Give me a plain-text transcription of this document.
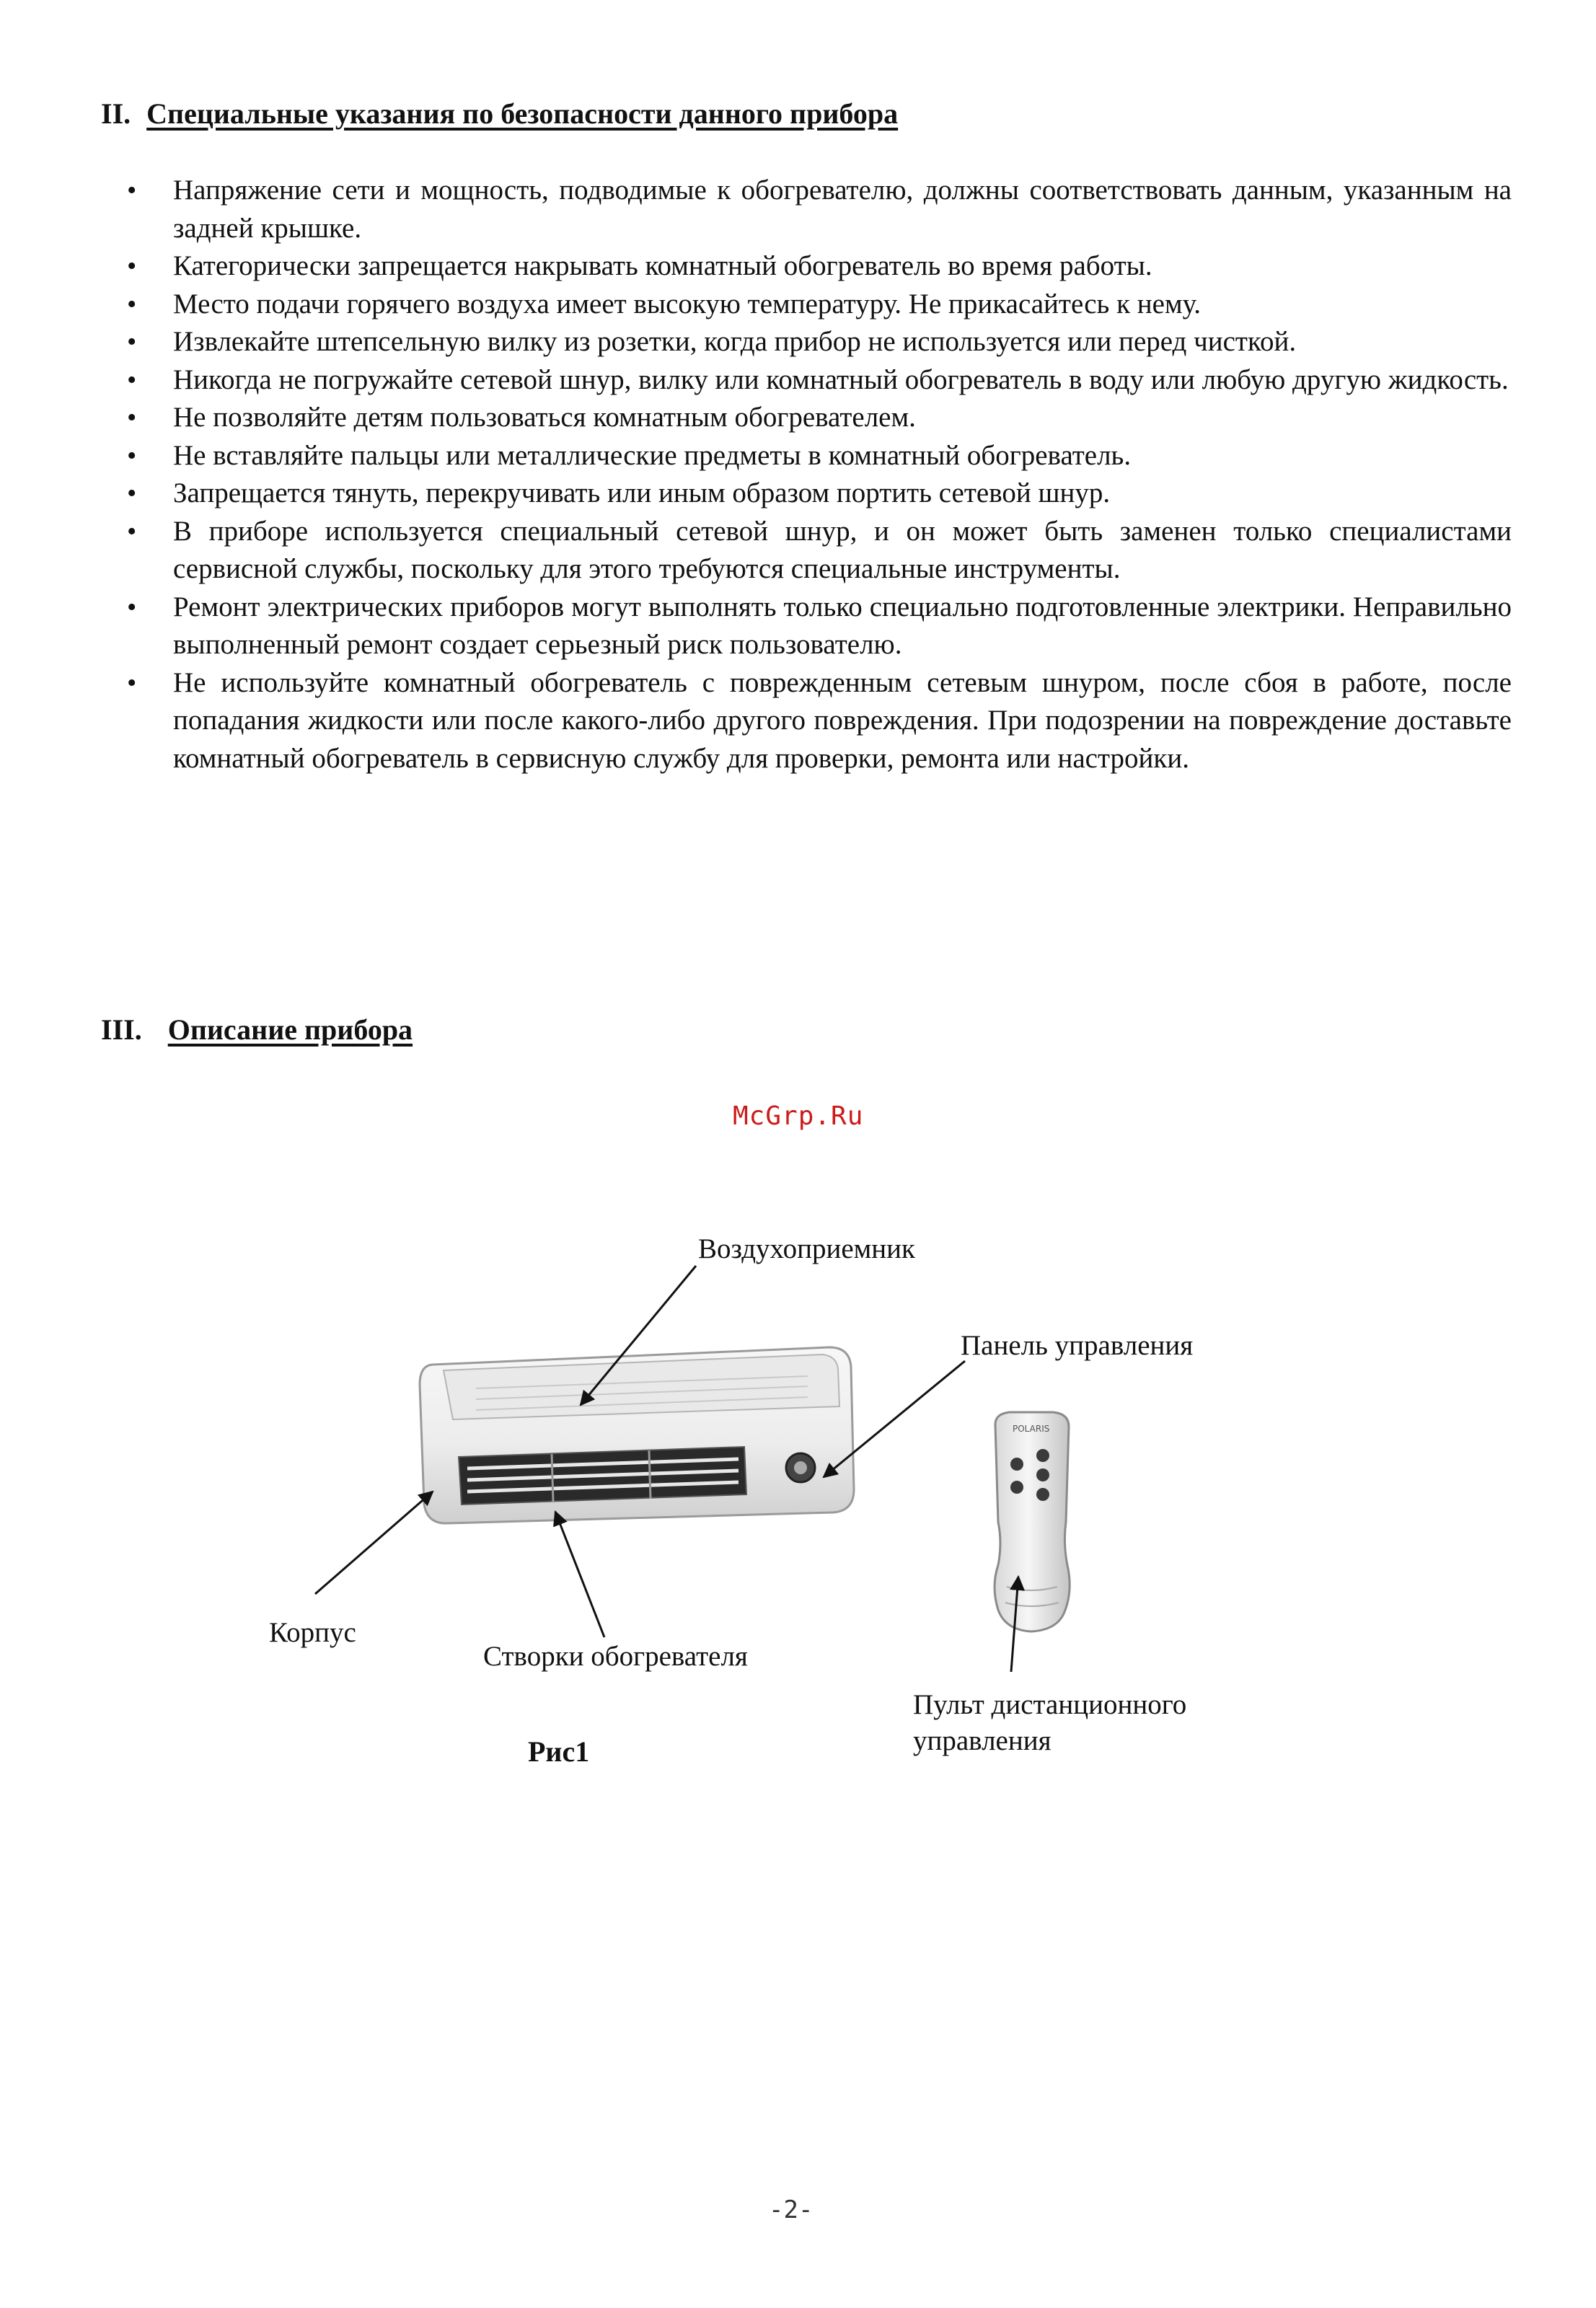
II. Специальные указания по безопасности данного прибора
• Напряжение сети и мощность, подводимые к обогревателю, должны соответствовать данным, указанным на задней крышке.
• Категорически запрещается накрывать комнатный обогреватель во время работы.
• Место подачи горячего воздуха имеет высокую температуру. Не прикасайтесь к нему.
• Извлекайте штепсельную вилку из розетки, когда прибор не используется или перед чисткой.
• Никогда не погружайте сетевой шнур, вилку или комнатный обогреватель в воду или любую другую жидкость.
• Не позволяйте детям пользоваться комнатным обогревателем.
• Не вставляйте пальцы или металлические предметы в комнатный обогреватель.
• Запрещается тянуть, перекручивать или иным образом портить сетевой шнур.
• В приборе используется специальный сетевой шнур, и он может быть заменен только специалистами сервисной службы, поскольку для этого требуются специальные инструменты.
• Ремонт электрических приборов могут выполнять только специально подготовленные электрики. Неправильно выполненный ремонт создает серьезный риск пользователю.
• Не используйте комнатный обогреватель с поврежденным сетевым шнуром, после сбоя в работе, после попадания жидкости или после какого-либо другого повреждения. При подозрении на повреждение доставьте комнатный обогреватель в сервисную службу для проверки, ремонта или настройки.
III. Описание прибора
McGrp.Ru
POLARIS
Воздухоприемник
Панель управления
Корпус
Створки обогревателя
Пульт дистанционного
управления
Рис1
-2-
